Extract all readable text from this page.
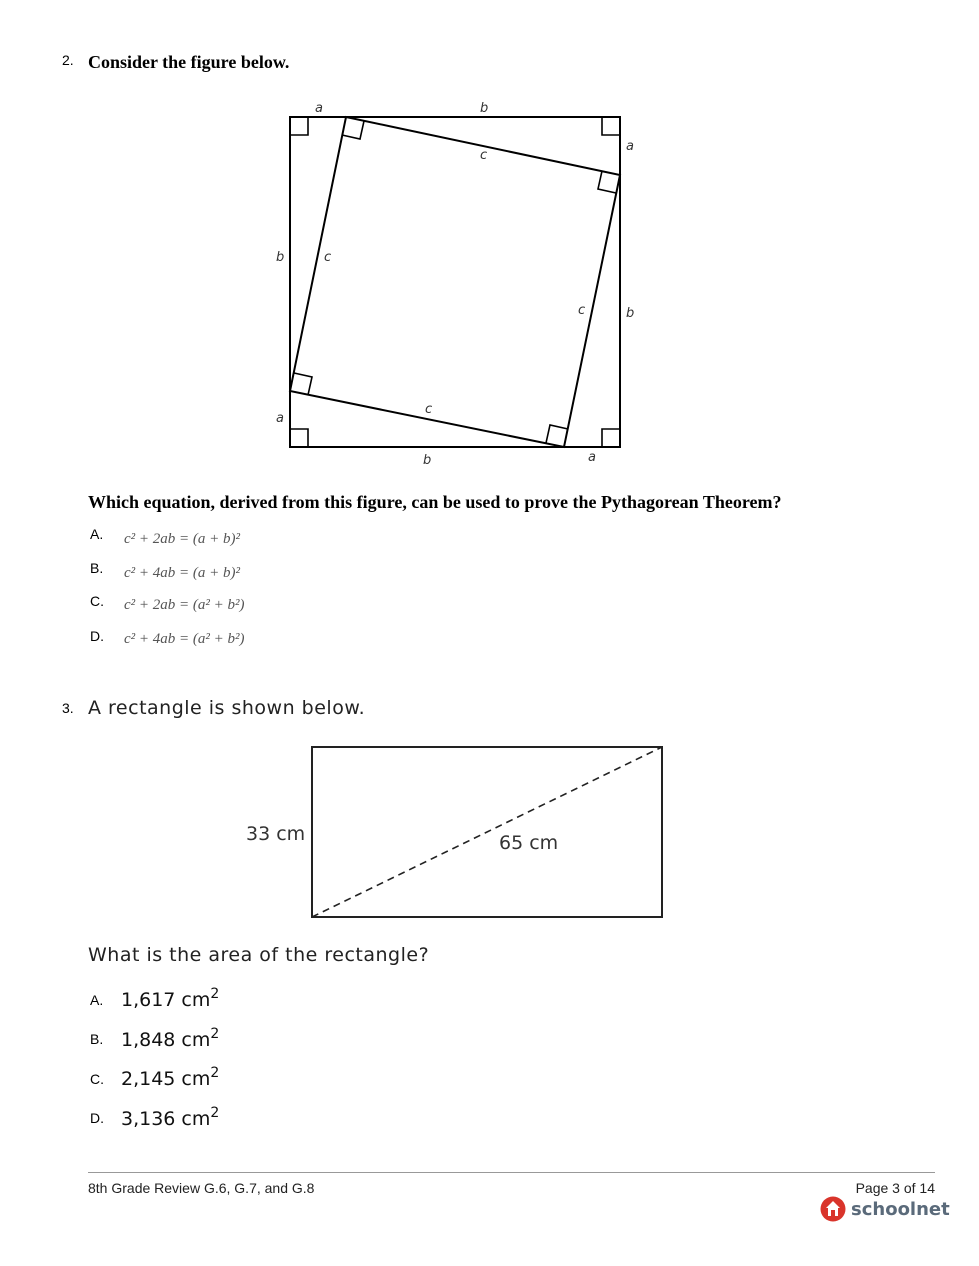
2. Consider the figure below.
a	b
a
b
b
a
b	a
c
c
c
c
Which equation, derived from this figure, can be used to prove the Pythagorean Theorem?
A. c² + 2ab = (a + b)²
B. c² + 4ab = (a + b)²
C. c² + 2ab = (a² + b²)
D. c² + 4ab = (a² + b²)
3. A rectangle is shown below.
33 cm	65 cm
What is the area of the rectangle?
A. 1,617 $cm^2$
B. 1,848 $cm^2$
C. 2,145 $cm^2$
D. 3,136 $cm^2$
8th Grade Review G.6, G.7, and G.8	Page 3 of 14
schoolnet
